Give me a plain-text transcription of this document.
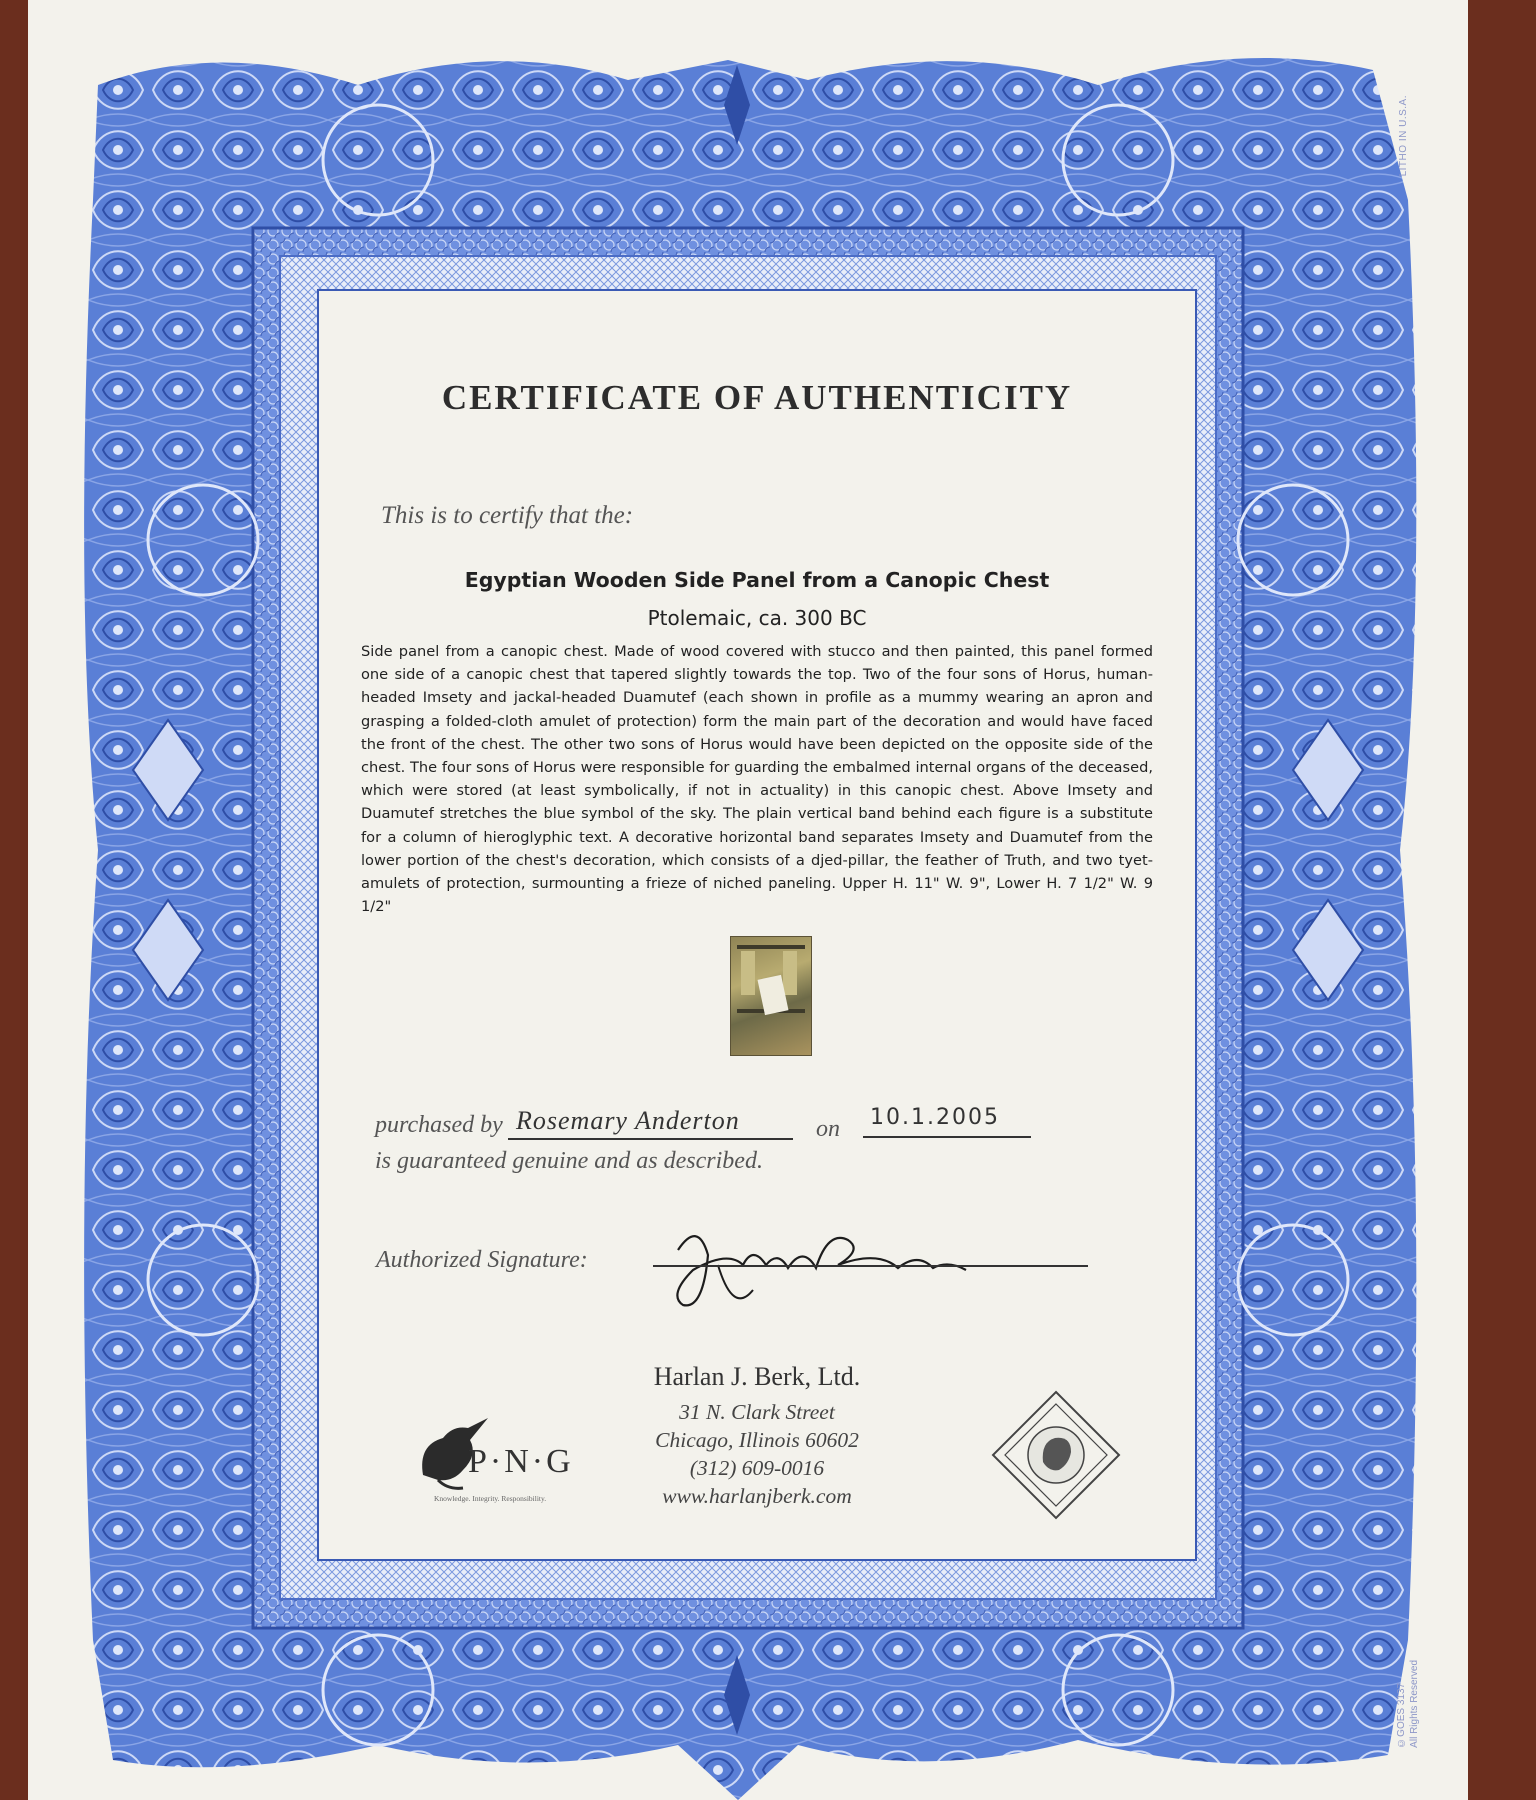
LITHO IN U.S.A.
©GOES 3137 All Rights Reserved
CERTIFICATE OF AUTHENTICITY
This is to certify that the:
Egyptian Wooden Side Panel from a Canopic Chest
Ptolemaic, ca. 300 BC

Side panel from a canopic chest. Made of wood covered with stucco and then painted, this panel formed one side of a canopic chest that tapered slightly towards the top. Two of the four sons of Horus, human-headed Imsety and jackal-headed Duamutef (each shown in profile as a mummy wearing an apron and grasping a folded-cloth amulet of protection) form the main part of the decoration and would have faced the front of the chest. The other two sons of Horus would have been depicted on the opposite side of the chest. The four sons of Horus were responsible for guarding the embalmed internal organs of the deceased, which were stored (at least symbolically, if not in actuality) in this canopic chest. Above Imsety and Duamutef stretches the blue symbol of the sky. The plain vertical band behind each figure is a substitute for a column of hieroglyphic text. A decorative horizontal band separates Imsety and Duamutef from the lower portion of the chest's decoration, which consists of a djed-pillar, the feather of Truth, and two tyet-amulets of protection, surmounting a frieze of niched paneling. Upper H. 11" W. 9", Lower H. 7 1/2" W. 9 1/2"

purchased by Rosemary Anderton	on 10.1.2005
is guaranteed genuine and as described.
Authorized Signature:
Harlan J. Berk, Ltd.
31 N. Clark Street
Chicago, Illinois 60602
(312) 609-0016
www.harlanjberk.com
P·N·G
Knowledge. Integrity. Responsibility.
